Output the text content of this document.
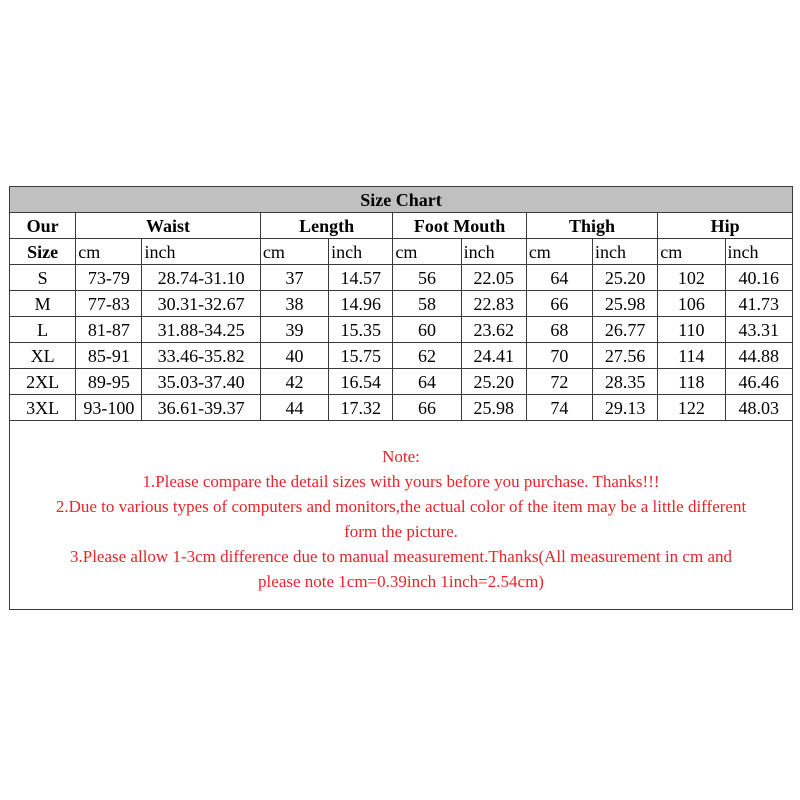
Size Chart										
Our	Waist		Length		Foot Mouth		Thigh		Hip	
Size	cm	inch	cm	inch	cm	inch	cm	inch	cm	inch
S	73-79	28.74-31.10	37	14.57	56	22.05	64	25.20	102	40.16
M	77-83	30.31-32.67	38	14.96	58	22.83	66	25.98	106	41.73
L	81-87	31.88-34.25	39	15.35	60	23.62	68	26.77	110	43.31
XL	85-91	33.46-35.82	40	15.75	62	24.41	70	27.56	114	44.88
2XL	89-95	35.03-37.40	42	16.54	64	25.20	72	28.35	118	46.46
3XL	93-100	36.61-39.37	44	17.32	66	25.98	74	29.13	122	48.03
Note:
1.Please compare the detail sizes with yours before you purchase. Thanks!!!
2.Due to various types of computers and monitors,the actual color of the item may be a little different
form the picture.
3.Please allow 1-3cm difference due to manual measurement.Thanks(All measurement in cm and
please note 1cm=0.39inch 1inch=2.54cm)
